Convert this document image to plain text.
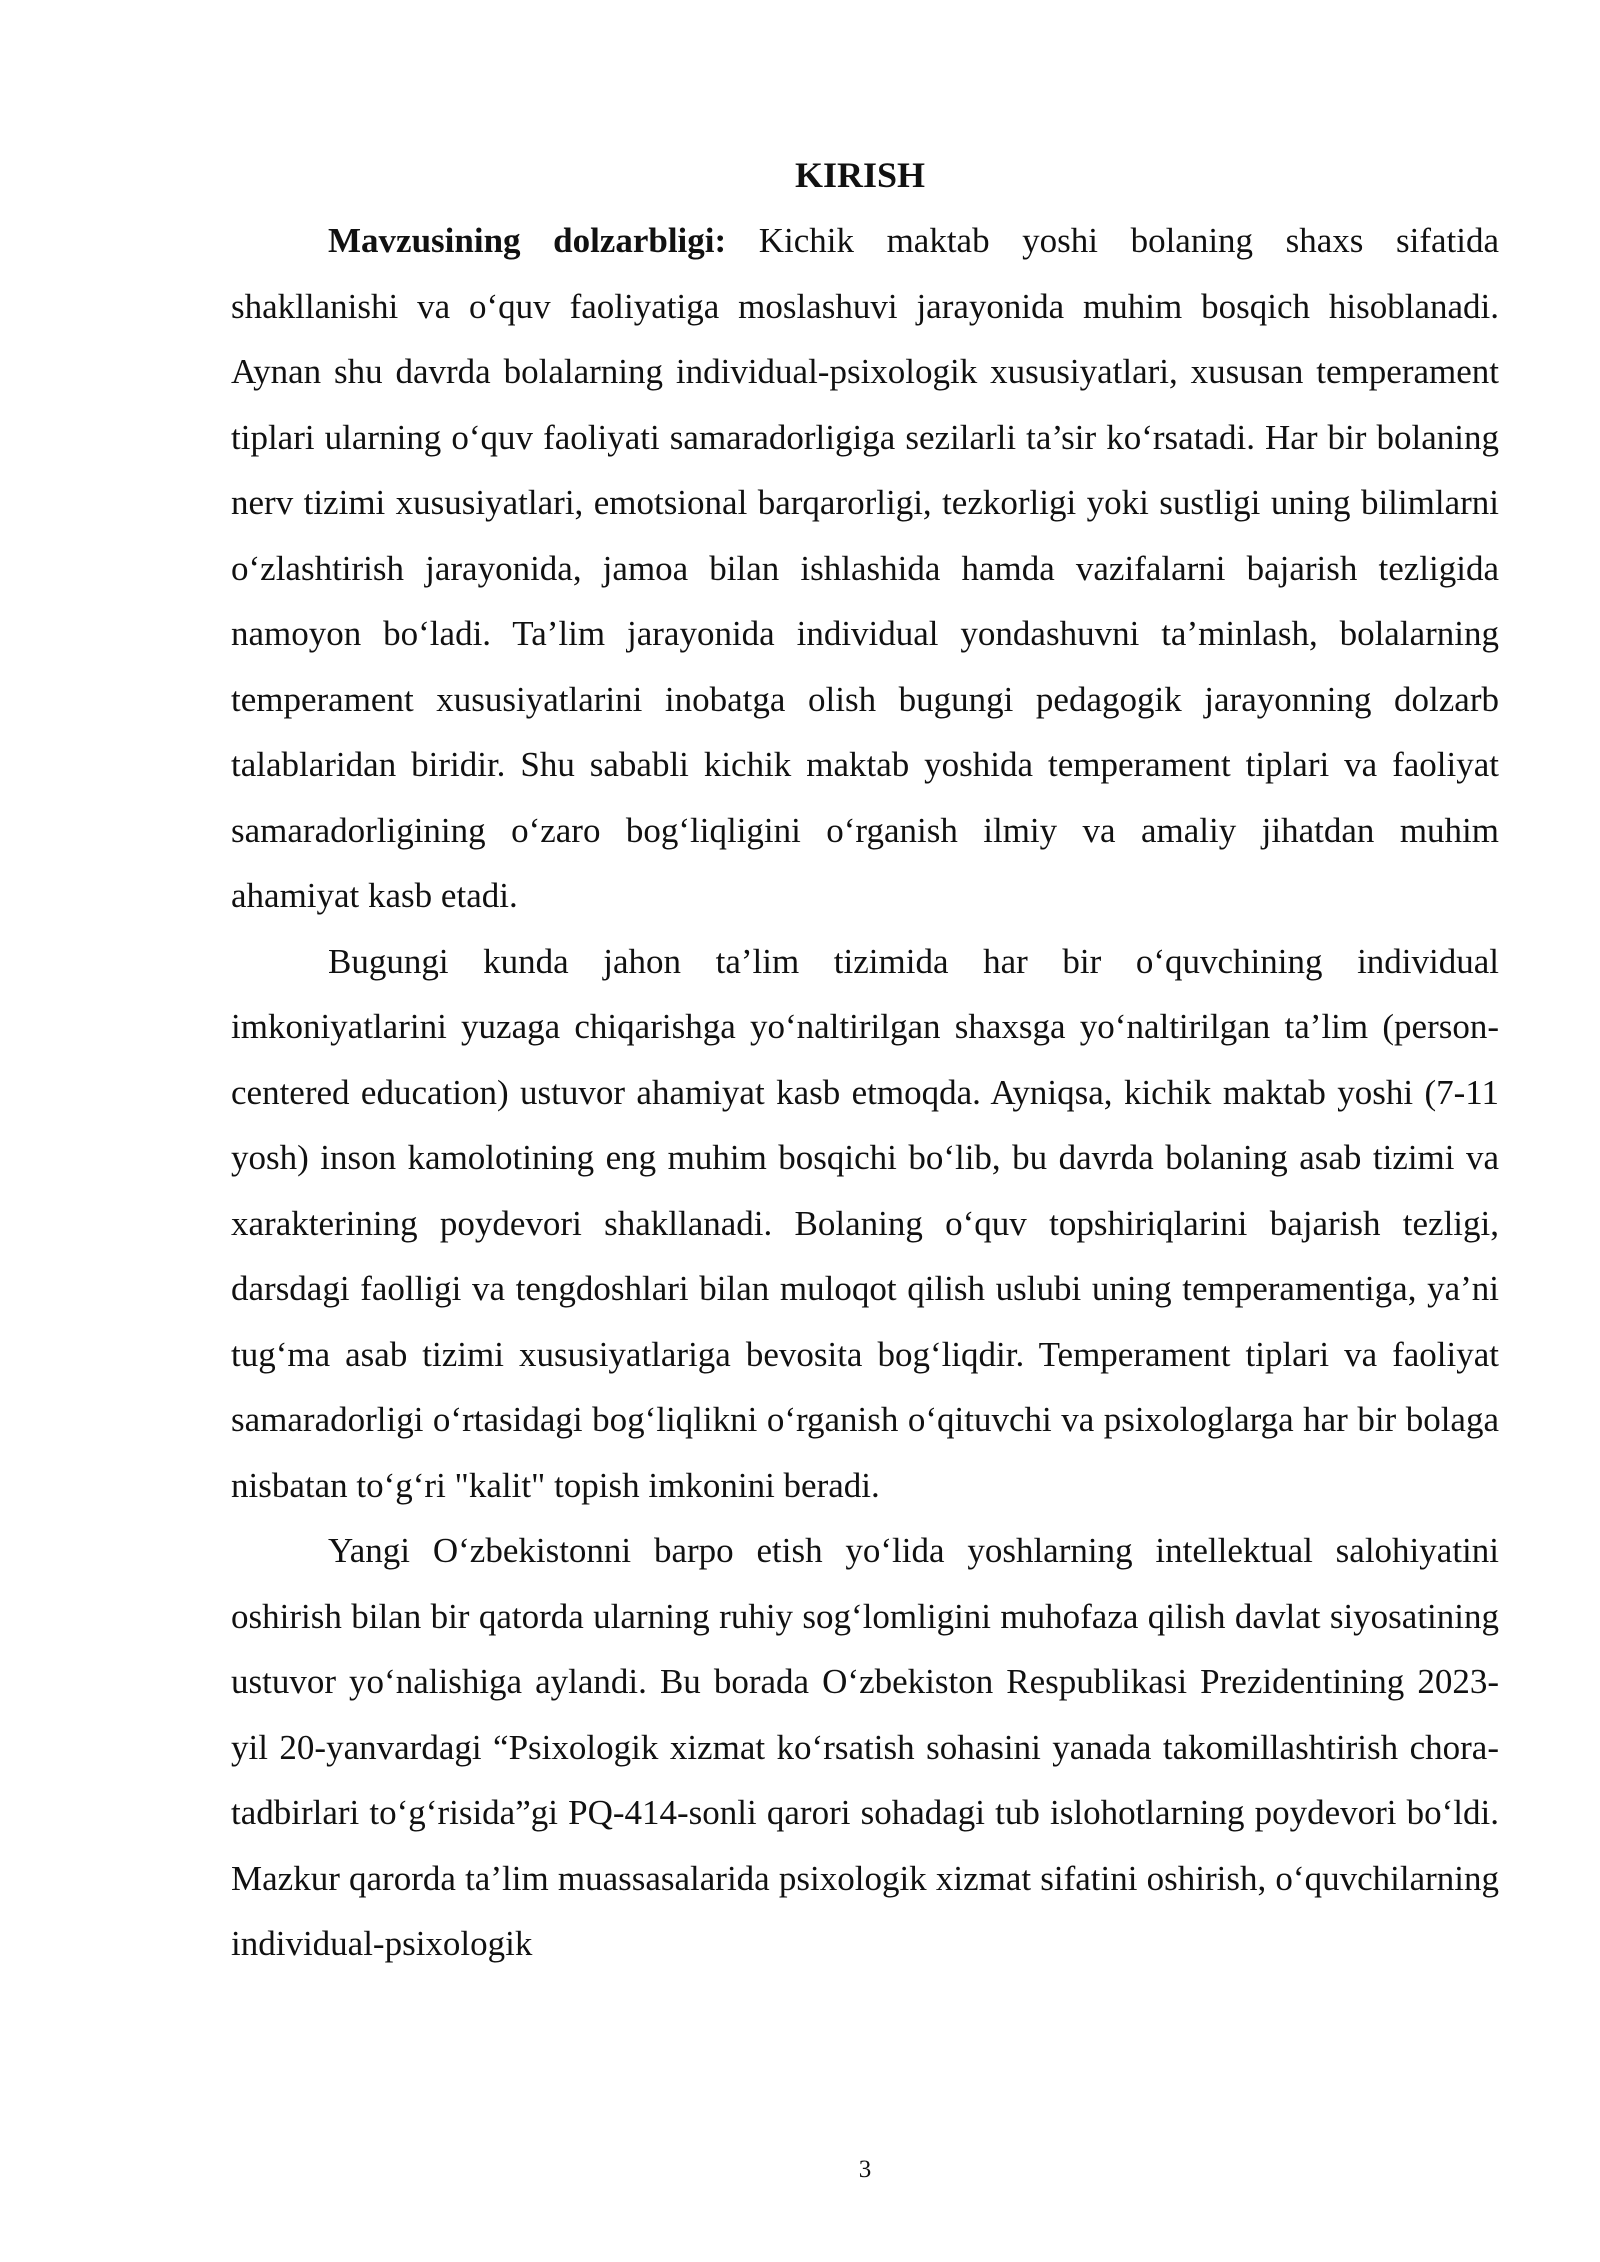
KIRISH

Mavzusining dolzarbligi: Kichik maktab yoshi bolaning shaxs sifatida shakllanishi va o‘quv faoliyatiga moslashuvi jarayonida muhim bosqich hisoblanadi. Aynan shu davrda bolalarning individual-psixologik xususiyatlari, xususan temperament tiplari ularning o‘quv faoliyati samaradorligiga sezilarli ta’sir ko‘rsatadi. Har bir bolaning nerv tizimi xususiyatlari, emotsional barqarorligi, tezkorligi yoki sustligi uning bilimlarni o‘zlashtirish jarayonida, jamoa bilan ishlashida hamda vazifalarni bajarish tezligida namoyon bo‘ladi. Ta’lim jarayonida individual yondashuvni ta’minlash, bolalarning temperament xususiyatlarini inobatga olish bugungi pedagogik jarayonning dolzarb talablaridan biridir. Shu sababli kichik maktab yoshida temperament tiplari va faoliyat samaradorligining o‘zaro bog‘liqligini o‘rganish ilmiy va amaliy jihatdan muhim ahamiyat kasb etadi.

Bugungi kunda jahon ta’lim tizimida har bir o‘quvchining individual imkoniyatlarini yuzaga chiqarishga yo‘naltirilgan shaxsga yo‘naltirilgan ta’lim (person-centered education) ustuvor ahamiyat kasb etmoqda. Ayniqsa, kichik maktab yoshi (7-11 yosh) inson kamolotining eng muhim bosqichi bo‘lib, bu davrda bolaning asab tizimi va xarakterining poydevori shakllanadi. Bolaning o‘quv topshiriqlarini bajarish tezligi, darsdagi faolligi va tengdoshlari bilan muloqot qilish uslubi uning temperamentiga, ya’ni tug‘ma asab tizimi xususiyatlariga bevosita bog‘liqdir. Temperament tiplari va faoliyat samaradorligi o‘rtasidagi bog‘liqlikni o‘rganish o‘qituvchi va psixologlarga har bir bolaga nisbatan to‘g‘ri "kalit" topish imkonini beradi.

Yangi O‘zbekistonni barpo etish yo‘lida yoshlarning intellektual salohiyatini oshirish bilan bir qatorda ularning ruhiy sog‘lomligini muhofaza qilish davlat siyosatining ustuvor yo‘nalishiga aylandi. Bu borada O‘zbekiston Respublikasi Prezidentining 2023-yil 20-yanvardagi “Psixologik xizmat ko‘rsatish sohasini yanada takomillashtirish chora-tadbirlari to‘g‘risida”gi PQ-414-sonli qarori sohadagi tub islohotlarning poydevori bo‘ldi. Mazkur qarorda ta’lim muassasalarida psixologik xizmat sifatini oshirish, o‘quvchilarning individual-psixologik

3
